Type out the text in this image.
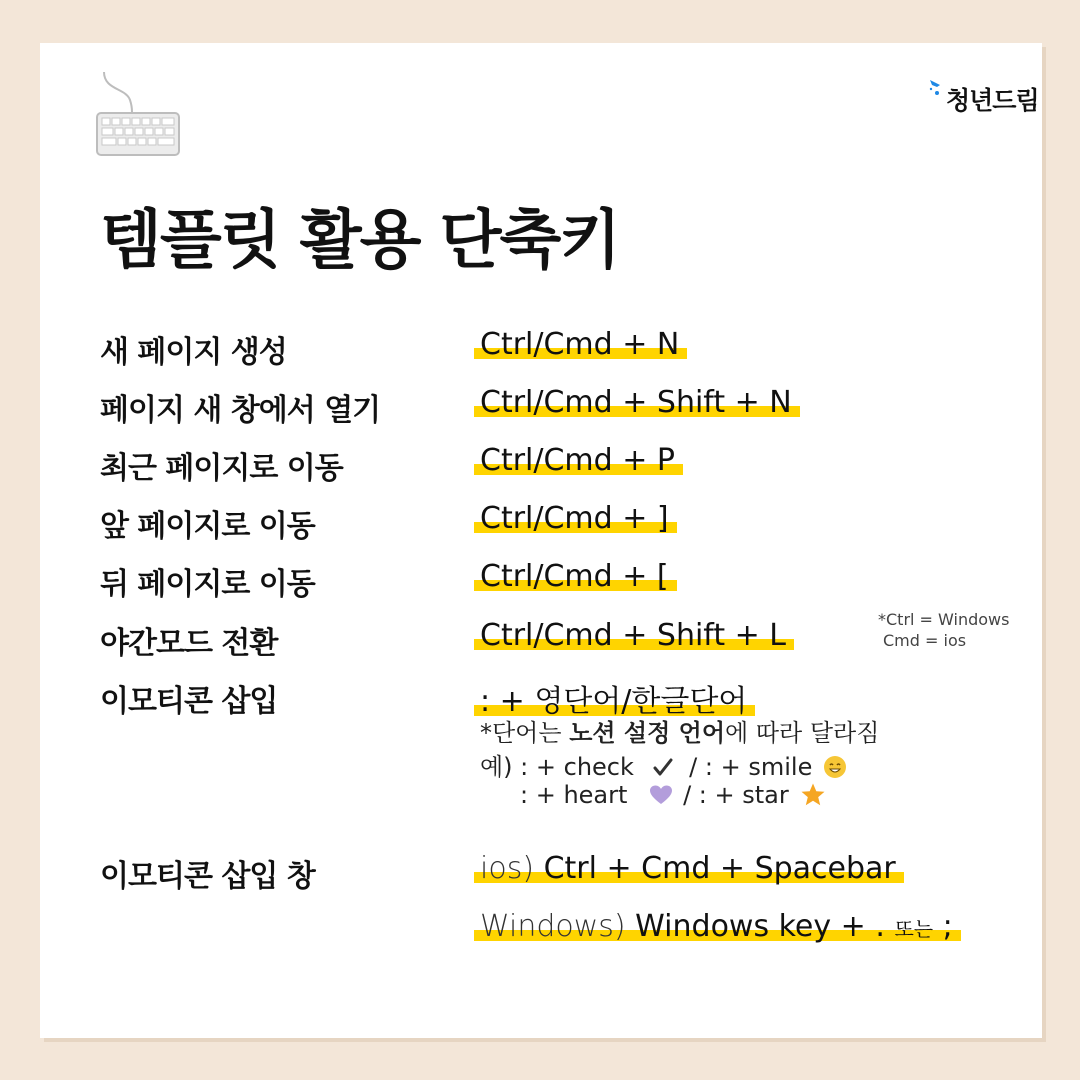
청년드림
템플릿 활용 단축키
새 페이지 생성	Ctrl/Cmd + N
페이지 새 창에서 열기	Ctrl/Cmd + Shift + N
최근 페이지로 이동	Ctrl/Cmd + P
앞 페이지로 이동	Ctrl/Cmd + ]
뒤 페이지로 이동	Ctrl/Cmd + [
야간모드 전환	Ctrl/Cmd + Shift + L	*Ctrl = Windows
Cmd = ios
이모티콘 삽입	: + 영단어/한글단어
*단어는 노션 설정 언어에 따라 달라짐
예) : + check  / : + smile
: + heart / : + star
이모티콘 삽입 창	ios) Ctrl + Cmd + Spacebar
Windows) Windows key + . 또는 ;
